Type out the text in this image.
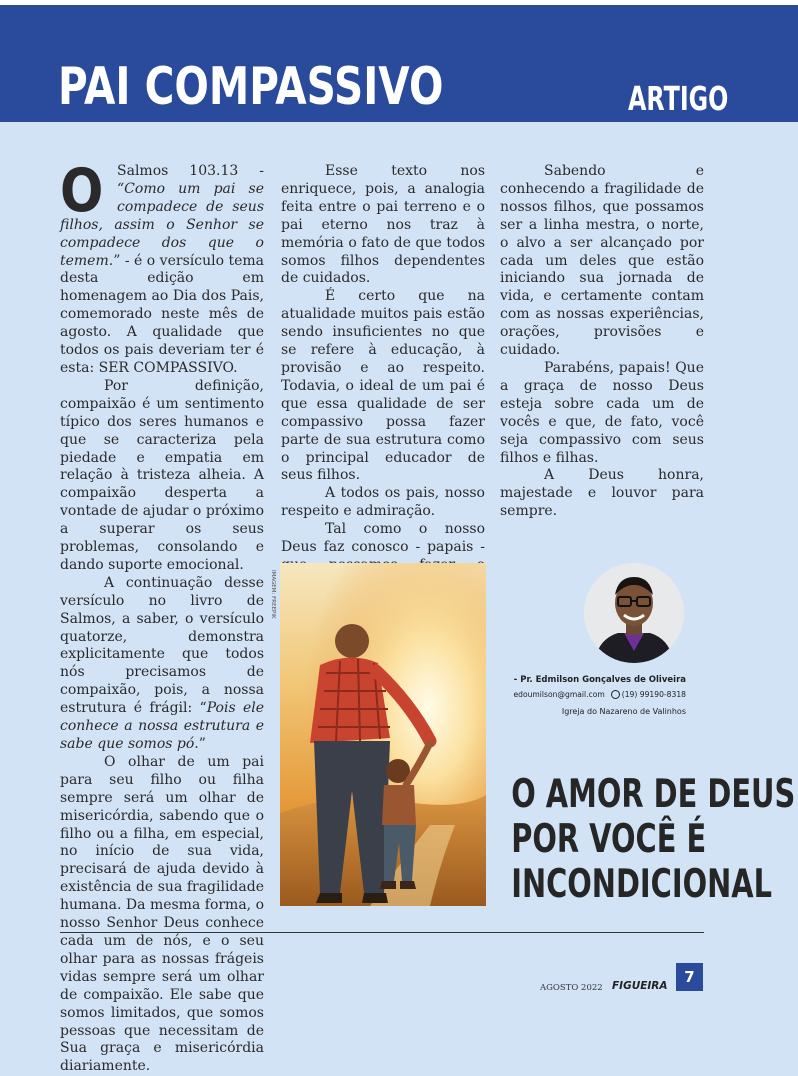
PAI COMPASSIVO	ARTIGO
O Salmos 103.13 - “Como um pai se compadece de seus filhos, assim o Senhor se compadece dos que o temem.” - é o versículo tema desta edição em homenagem ao Dia dos Pais, comemorado neste mês de agosto. A qualidade que todos os pais deveriam ter é esta: SER COMPASSIVO.

Por definição, compaixão é um sentimento típico dos seres humanos e que se caracteriza pela piedade e empatia em relação à tristeza alheia. A compaixão desperta a vontade de ajudar o próximo a superar os seus problemas, consolando e dando suporte emocional.

A continuação desse versículo no livro de Salmos, a saber, o versículo quatorze, demonstra explicitamente que todos nós precisamos de compaixão, pois, a nossa estrutura é frágil: “Pois ele conhece a nossa estrutura e sabe que somos pó.”

O olhar de um pai para seu filho ou filha sempre será um olhar de misericórdia, sabendo que o filho ou a filha, em especial, no início de sua vida, precisará de ajuda devido à existência de sua fragilidade humana. Da mesma forma, o nosso Senhor Deus conhece cada um de nós, e o seu olhar para as nossas frágeis vidas sempre será um olhar de compaixão. Ele sabe que somos limitados, que somos pessoas que necessitam de Sua graça e misericórdia diariamente.

Esse texto nos enriquece, pois, a analogia feita entre o pai terreno e o pai eterno nos traz à memória o fato de que todos somos filhos dependentes de cuidados.

É certo que na atualidade muitos pais estão sendo insuficientes no que se refere à educação, à provisão e ao respeito. Todavia, o ideal de um pai é que essa qualidade de ser compassivo possa fazer parte de sua estrutura como o principal educador de seus filhos.

A todos os pais, nosso respeito e admiração.

Tal como o nosso Deus faz conosco - papais -

Sabendo e conhecendo a fragilidade de nossos filhos, que possamos ser a linha mestra, o norte, o alvo a ser alcançado por cada um deles que estão iniciando sua jornada de vida, e certamente contam com as nossas experiências, orações, provisões e cuidado.

Parabéns, papais! Que a graça de nosso Deus esteja sobre cada um de vocês e que, de fato, você seja compassivo com seus filhos e filhas.

A Deus honra, majestade e louvor para sempre.

IMAGEM: FREEPIK
- Pr. Edmilson Gonçalves de Oliveira
edoumilson@gmail.com (19) 99190-8318
Igreja do Nazareno de Valinhos
O AMOR DE DEUS
POR VOCÊ É
INCONDICIONAL
AGOSTO 2022 FIGUEIRA	7
